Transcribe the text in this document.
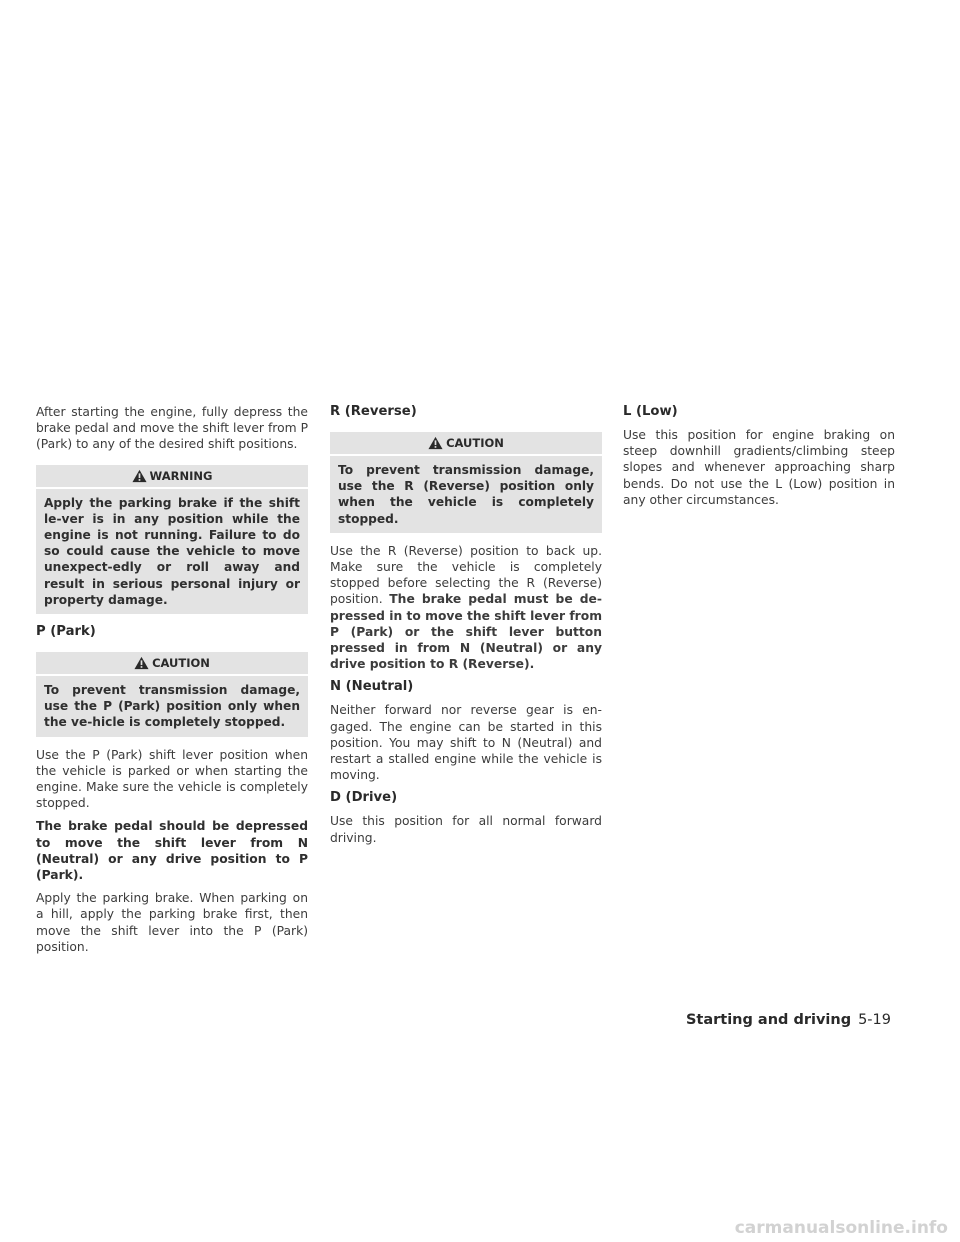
After starting the engine, fully depress the brake pedal and move the shift lever from P (Park) to any of the desired shift positions.

WARNING
Apply the parking brake if the shift le-ver is in any position while the engine is not running. Failure to do so could cause the vehicle to move unexpect-edly or roll away and result in serious personal injury or property damage.
P (Park)
CAUTION
To prevent transmission damage, use the P (Park) position only when the ve-hicle is completely stopped.

Use the P (Park) shift lever position when the vehicle is parked or when starting the engine. Make sure the vehicle is completely stopped.

The brake pedal should be depressed to move the shift lever from N (Neutral) or any drive position to P (Park).

Apply the parking brake. When parking on a hill, apply the parking brake first, then move the shift lever into the P (Park) position.

R (Reverse)
CAUTION
To prevent transmission damage, use the R (Reverse) position only when the vehicle is completely stopped.

Use the R (Reverse) position to back up. Make sure the vehicle is completely stopped before selecting the R (Reverse) position. The brake pedal must be de-pressed in to move the shift lever from P (Park) or the shift lever button pressed in from N (Neutral) or any drive position to R (Reverse).

N (Neutral)

Neither forward nor reverse gear is en-gaged. The engine can be started in this position. You may shift to N (Neutral) and restart a stalled engine while the vehicle is moving.

D (Drive)

Use this position for all normal forward driving.

L (Low)

Use this position for engine braking on steep downhill gradients/climbing steep slopes and whenever approaching sharp bends. Do not use the L (Low) position in any other circumstances.

Starting and driving 5-19
carmanualsonline.info
